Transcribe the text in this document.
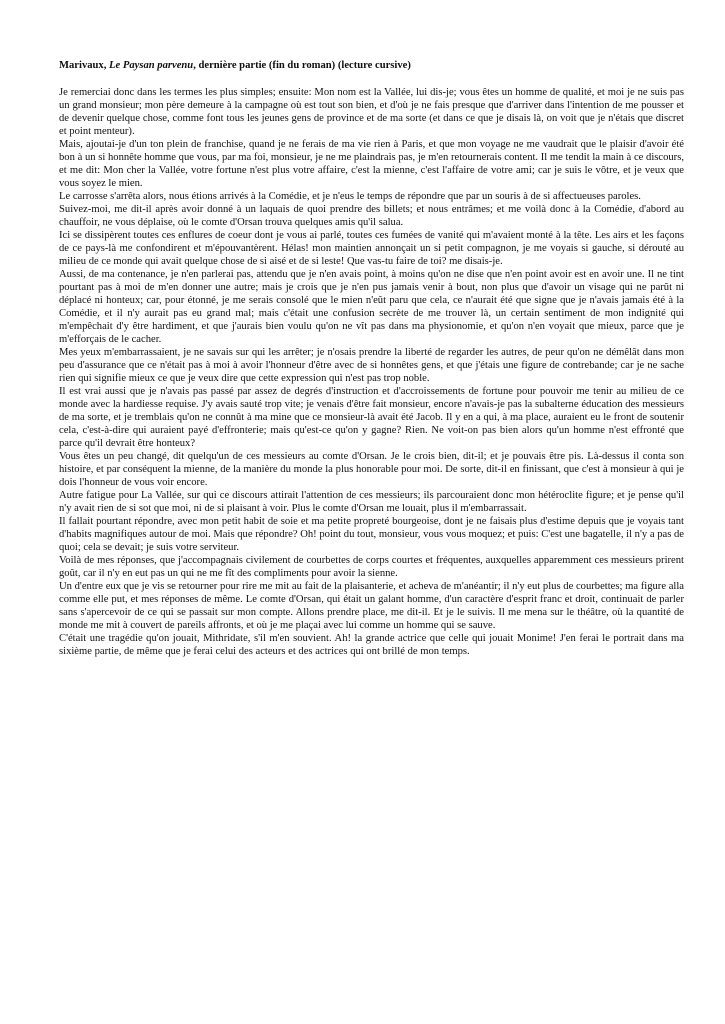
Marivaux, Le Paysan parvenu, dernière partie (fin du roman) (lecture cursive)

Je remerciai donc dans les termes les plus simples; ensuite: Mon nom est la Vallée, lui dis-je; vous êtes un homme de qualité, et moi je ne suis pas un grand monsieur; mon père demeure à la campagne où est tout son bien, et d'où je ne fais presque que d'arriver dans l'intention de me pousser et de devenir quelque chose, comme font tous les jeunes gens de province et de ma sorte (et dans ce que je disais là, on voit que je n'étais que discret et point menteur).

Mais, ajoutai-je d'un ton plein de franchise, quand je ne ferais de ma vie rien à Paris, et que mon voyage ne me vaudrait que le plaisir d'avoir été bon à un si honnête homme que vous, par ma foi, monsieur, je ne me plaindrais pas, je m'en retournerais content. Il me tendit la main à ce discours, et me dit: Mon cher la Vallée, votre fortune n'est plus votre affaire, c'est la mienne, c'est l'affaire de votre ami; car je suis le vôtre, et je veux que vous soyez le mien.

Le carrosse s'arrêta alors, nous étions arrivés à la Comédie, et je n'eus le temps de répondre que par un souris à de si affectueuses paroles.

Suivez-moi, me dit-il après avoir donné à un laquais de quoi prendre des billets; et nous entrâmes; et me voilà donc à la Comédie, d'abord au chauffoir, ne vous déplaise, où le comte d'Orsan trouva quelques amis qu'il salua.

Ici se dissipèrent toutes ces enflures de coeur dont je vous ai parlé, toutes ces fumées de vanité qui m'avaient monté à la tête. Les airs et les façons de ce pays-là me confondirent et m'épouvantèrent. Hélas! mon maintien annonçait un si petit compagnon, je me voyais si gauche, si dérouté au milieu de ce monde qui avait quelque chose de si aisé et de si leste! Que vas-tu faire de toi? me disais-je.

Aussi, de ma contenance, je n'en parlerai pas, attendu que je n'en avais point, à moins qu'on ne dise que n'en point avoir est en avoir une. Il ne tint pourtant pas à moi de m'en donner une autre; mais je crois que je n'en pus jamais venir à bout, non plus que d'avoir un visage qui ne parût ni déplacé ni honteux; car, pour étonné, je me serais consolé que le mien n'eût paru que cela, ce n'aurait été que signe que je n'avais jamais été à la Comédie, et il n'y aurait pas eu grand mal; mais c'était une confusion secrète de me trouver là, un certain sentiment de mon indignité qui m'empêchait d'y être hardiment, et que j'aurais bien voulu qu'on ne vît pas dans ma physionomie, et qu'on n'en voyait que mieux, parce que je m'efforçais de le cacher.

Mes yeux m'embarrassaient, je ne savais sur qui les arrêter; je n'osais prendre la liberté de regarder les autres, de peur qu'on ne démêlât dans mon peu d'assurance que ce n'était pas à moi à avoir l'honneur d'être avec de si honnêtes gens, et que j'étais une figure de contrebande; car je ne sache rien qui signifie mieux ce que je veux dire que cette expression qui n'est pas trop noble.

Il est vrai aussi que je n'avais pas passé par assez de degrés d'instruction et d'accroissements de fortune pour pouvoir me tenir au milieu de ce monde avec la hardiesse requise. J'y avais sauté trop vite; je venais d'être fait monsieur, encore n'avais-je pas la subalterne éducation des messieurs de ma sorte, et je tremblais qu'on ne connût à ma mine que ce monsieur-là avait été Jacob. Il y en a qui, à ma place, auraient eu le front de soutenir cela, c'est-à-dire qui auraient payé d'effronterie; mais qu'est-ce qu'on y gagne? Rien. Ne voit-on pas bien alors qu'un homme n'est effronté que parce qu'il devrait être honteux?

Vous êtes un peu changé, dit quelqu'un de ces messieurs au comte d'Orsan. Je le crois bien, dit-il; et je pouvais être pis. Là-dessus il conta son histoire, et par conséquent la mienne, de la manière du monde la plus honorable pour moi. De sorte, dit-il en finissant, que c'est à monsieur à qui je dois l'honneur de vous voir encore.

Autre fatigue pour La Vallée, sur qui ce discours attirait l'attention de ces messieurs; ils parcouraient donc mon hétéroclite figure; et je pense qu'il n'y avait rien de si sot que moi, ni de si plaisant à voir. Plus le comte d'Orsan me louait, plus il m'embarrassait.

Il fallait pourtant répondre, avec mon petit habit de soie et ma petite propreté bourgeoise, dont je ne faisais plus d'estime depuis que je voyais tant d'habits magnifiques autour de moi. Mais que répondre? Oh! point du tout, monsieur, vous vous moquez; et puis: C'est une bagatelle, il n'y a pas de quoi; cela se devait; je suis votre serviteur.

Voilà de mes réponses, que j'accompagnais civilement de courbettes de corps courtes et fréquentes, auxquelles apparemment ces messieurs prirent goût, car il n'y en eut pas un qui ne me fît des compliments pour avoir la sienne.

Un d'entre eux que je vis se retourner pour rire me mit au fait de la plaisanterie, et acheva de m'anéantir; il n'y eut plus de courbettes; ma figure alla comme elle put, et mes réponses de même. Le comte d'Orsan, qui était un galant homme, d'un caractère d'esprit franc et droit, continuait de parler sans s'apercevoir de ce qui se passait sur mon compte. Allons prendre place, me dit-il. Et je le suivis. Il me mena sur le théâtre, où la quantité de monde me mit à couvert de pareils affronts, et où je me plaçai avec lui comme un homme qui se sauve.

C'était une tragédie qu'on jouait, Mithridate, s'il m'en souvient. Ah! la grande actrice que celle qui jouait Monime! J'en ferai le portrait dans ma sixième partie, de même que je ferai celui des acteurs et des actrices qui ont brillé de mon temps.
